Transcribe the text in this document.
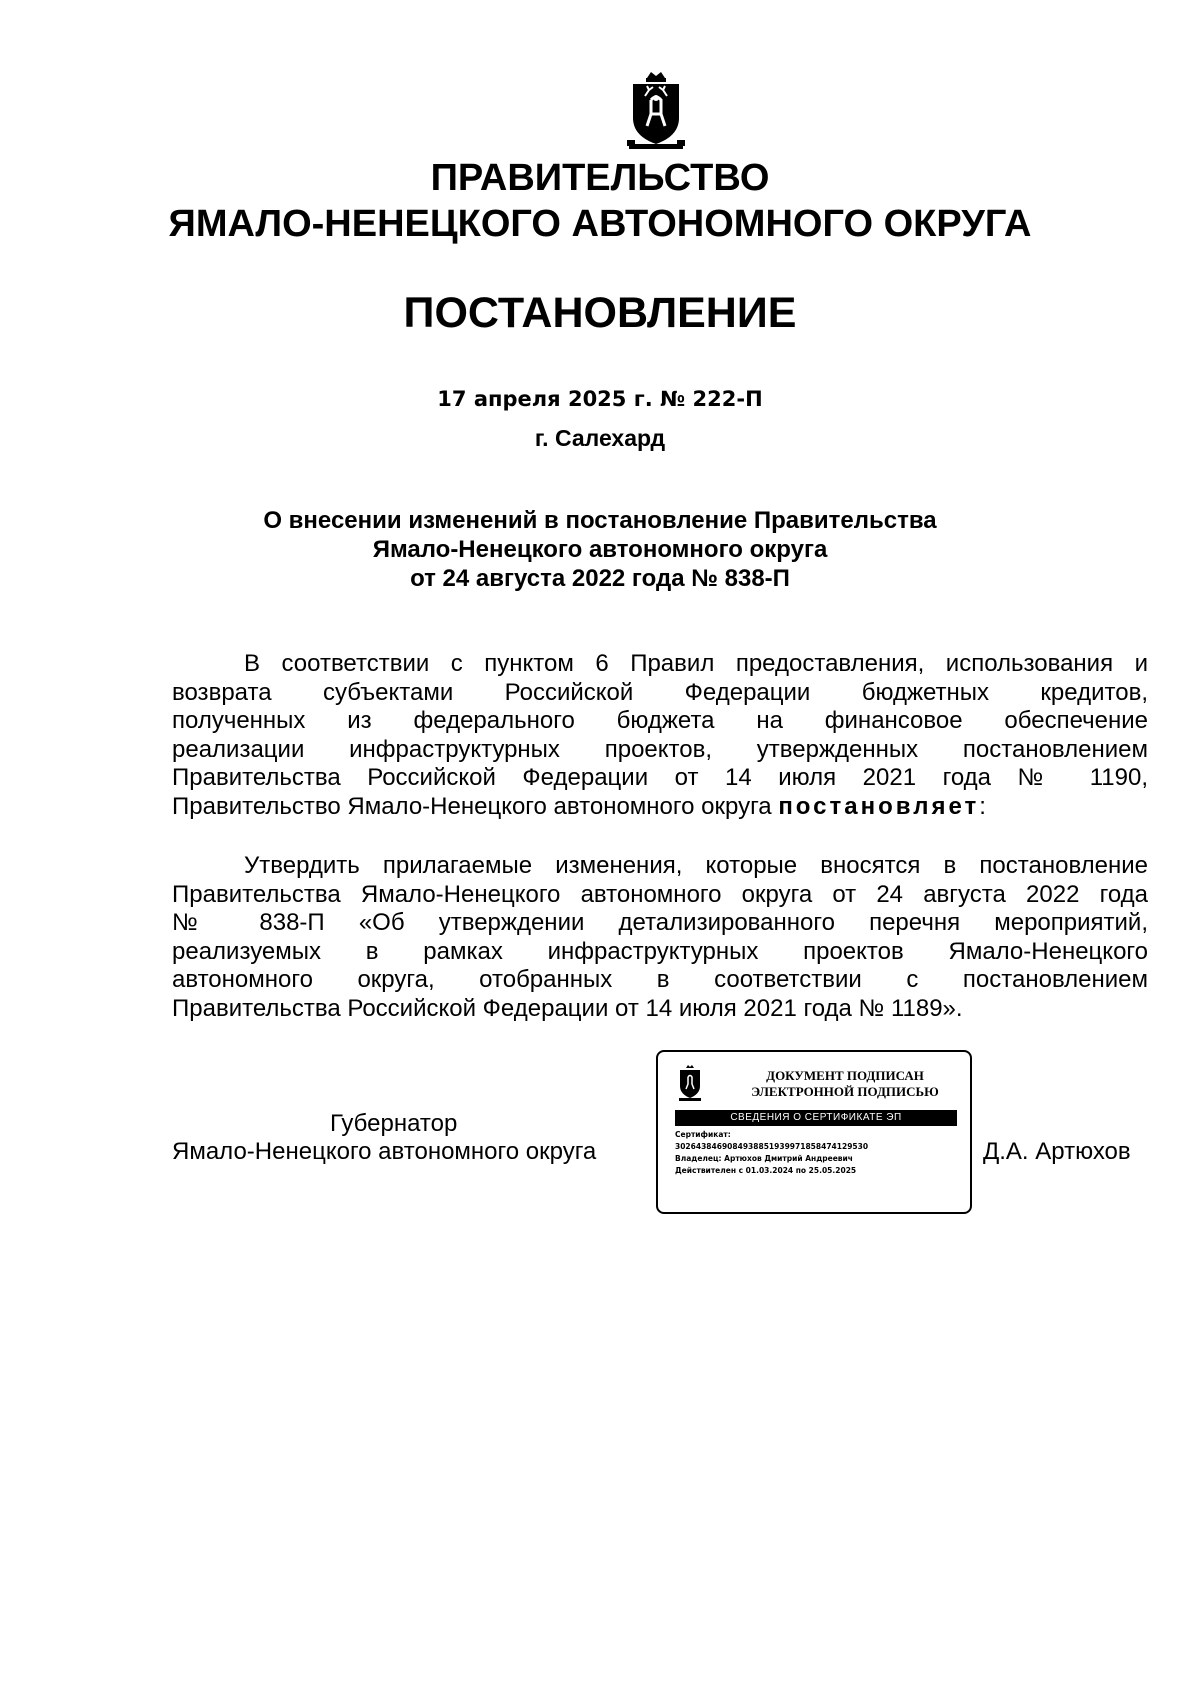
ПРАВИТЕЛЬСТВО
ЯМАЛО-НЕНЕЦКОГО АВТОНОМНОГО ОКРУГА
ПОСТАНОВЛЕНИЕ
17 апреля 2025 г. № 222-П
г. Салехард
О внесении изменений в постановление Правительства
Ямало-Ненецкого автономного округа
от 24 августа 2022 года № 838-П
В соответствии с пунктом 6 Правил предоставления, использования и
возврата субъектами Российской Федерации бюджетных кредитов,
полученных из федерального бюджета на финансовое обеспечение
реализации инфраструктурных проектов, утвержденных постановлением
Правительства Российской Федерации от 14 июля 2021 года № 1190,
Правительство Ямало-Ненецкого автономного округа постановляет:
Утвердить прилагаемые изменения, которые вносятся в постановление
Правительства Ямало-Ненецкого автономного округа от 24 августа 2022 года
№ 838-П «Об утверждении детализированного перечня мероприятий,
реализуемых в рамках инфраструктурных проектов Ямало-Ненецкого
автономного округа, отобранных в соответствии с постановлением
Правительства Российской Федерации от 14 июля 2021 года № 1189».
Губернатор
Ямало-Ненецкого автономного округа	Д.А. Артюхов
ДОКУМЕНТ ПОДПИСАН
ЭЛЕКТРОННОЙ ПОДПИСЬЮ
СВЕДЕНИЯ О СЕРТИФИКАТЕ ЭП
Сертификат:
3026438469084938851939971858474129530
Владелец: Артюхов Дмитрий Андреевич
Действителен с 01.03.2024 по 25.05.2025
